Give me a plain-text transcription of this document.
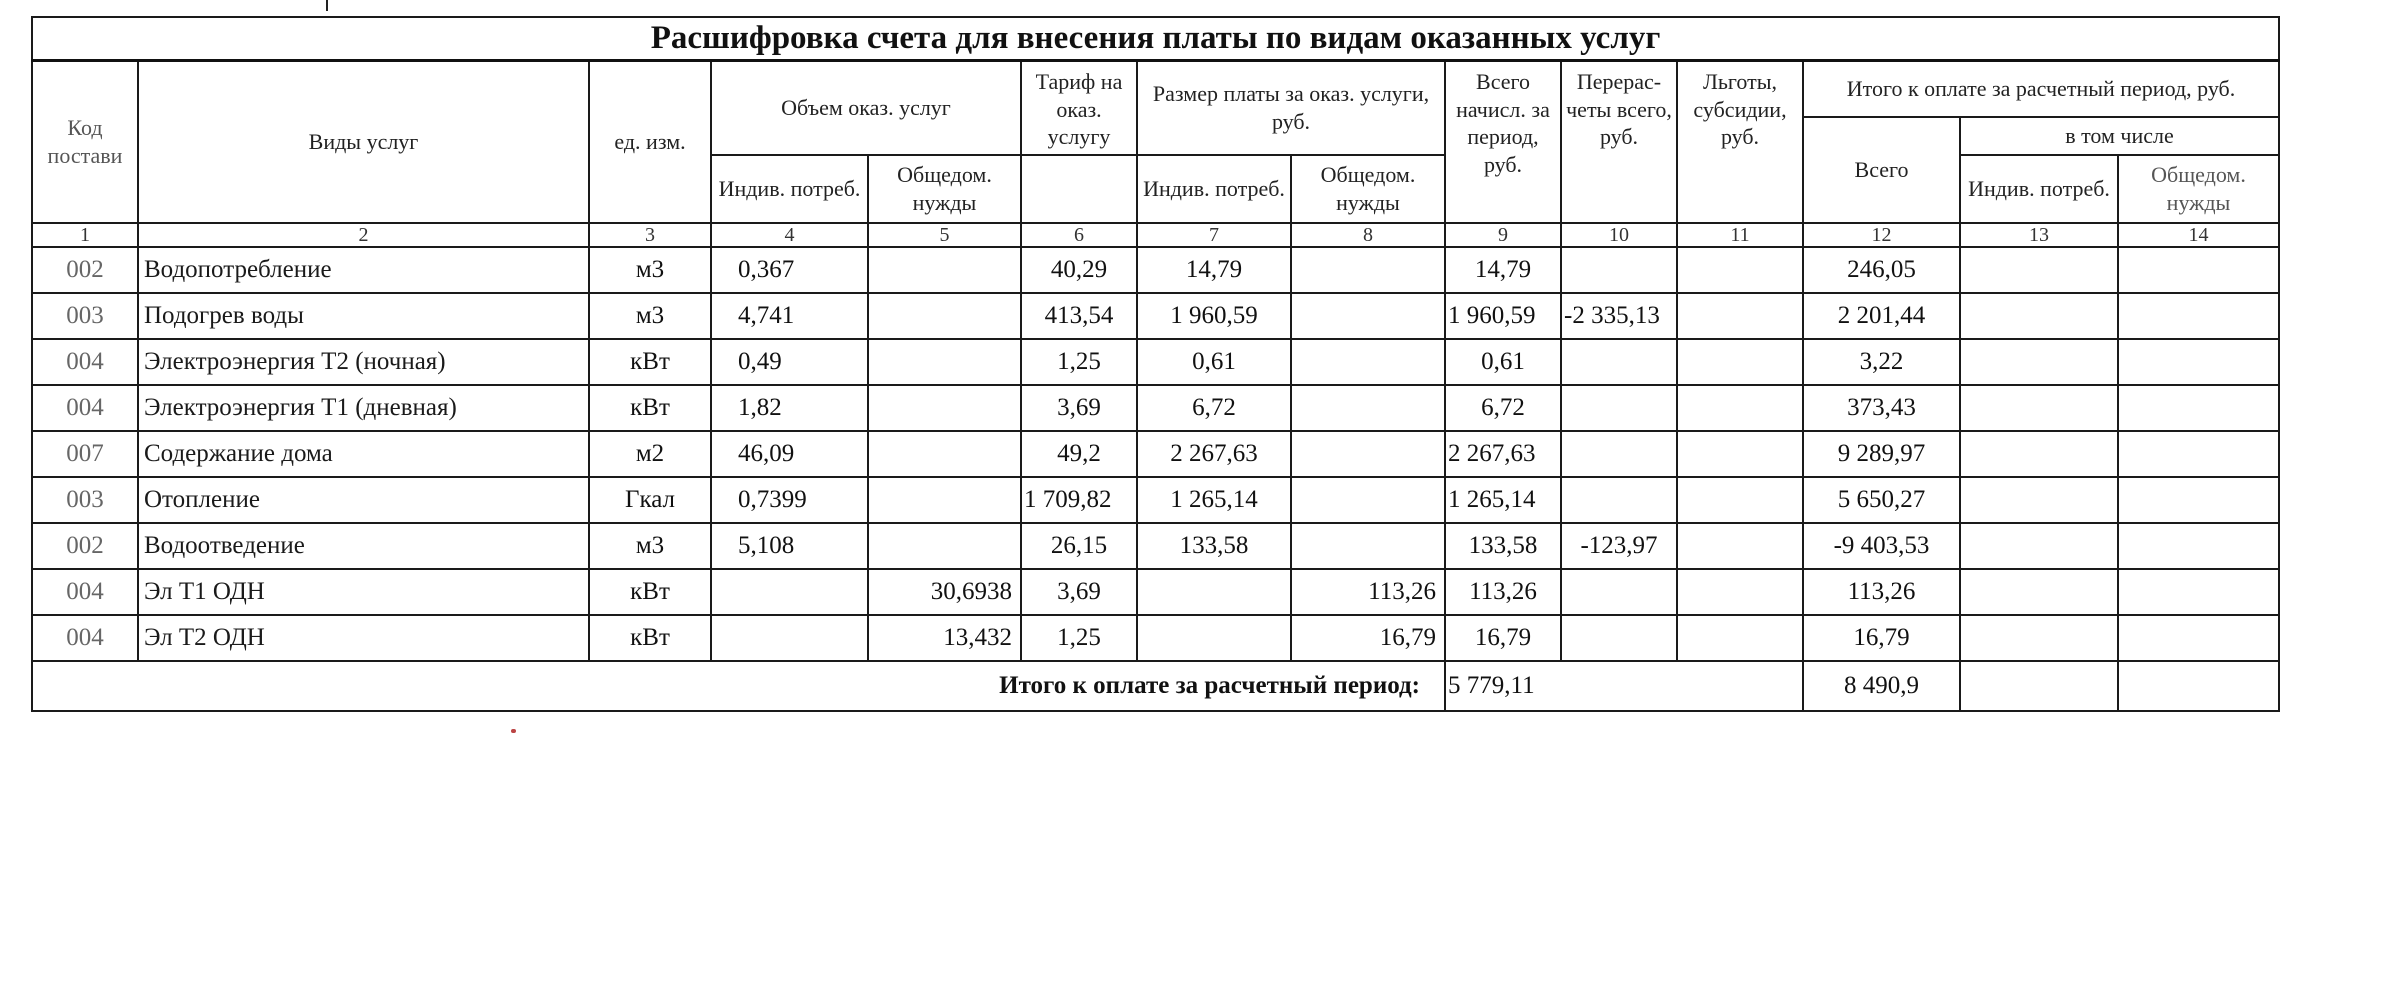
Расшифровка счета для внесения платы по видам оказанных услуг													
Код постави	Виды услуг	ед. изм.	Объем оказ. услуг		Тариф на оказ. услугу	Размер платы за оказ. услуги, руб.		Всего начисл. за период, руб.	Перерас-четы всего, руб.	Льготы, субсидии, руб.	Итого к оплате за расчетный период, руб.		
											Всего	в том числе	
			Индив. потреб.	Общедом. нужды		Индив. потреб.	Общедом. нужды					Индив. потреб.	Общедом. нужды
1	2	3	4	5	6	7	8	9	10	11	12	13	14
002	Водопотребление	м3	0,367		40,29	14,79		14,79			246,05		
003	Подогрев воды	м3	4,741		413,54	1 960,59		1 960,59	-2 335,13		2 201,44		
004	Электроэнергия Т2 (ночная)	кВт	0,49		1,25	0,61		0,61			3,22		
004	Электроэнергия Т1 (дневная)	кВт	1,82		3,69	6,72		6,72			373,43		
007	Содержание дома	м2	46,09		49,2	2 267,63		2 267,63			9 289,97		
003	Отопление	Гкал	0,7399		1 709,82	1 265,14		1 265,14			5 650,27		
002	Водоотведение	м3	5,108		26,15	133,58		133,58	-123,97		-9 403,53		
004	Эл Т1 ОДН	кВт		30,6938	3,69		113,26	113,26			113,26		
004	Эл Т2 ОДН	кВт		13,432	1,25		16,79	16,79			16,79		
Итого к оплате за расчетный период:								5 779,11			8 490,9		
